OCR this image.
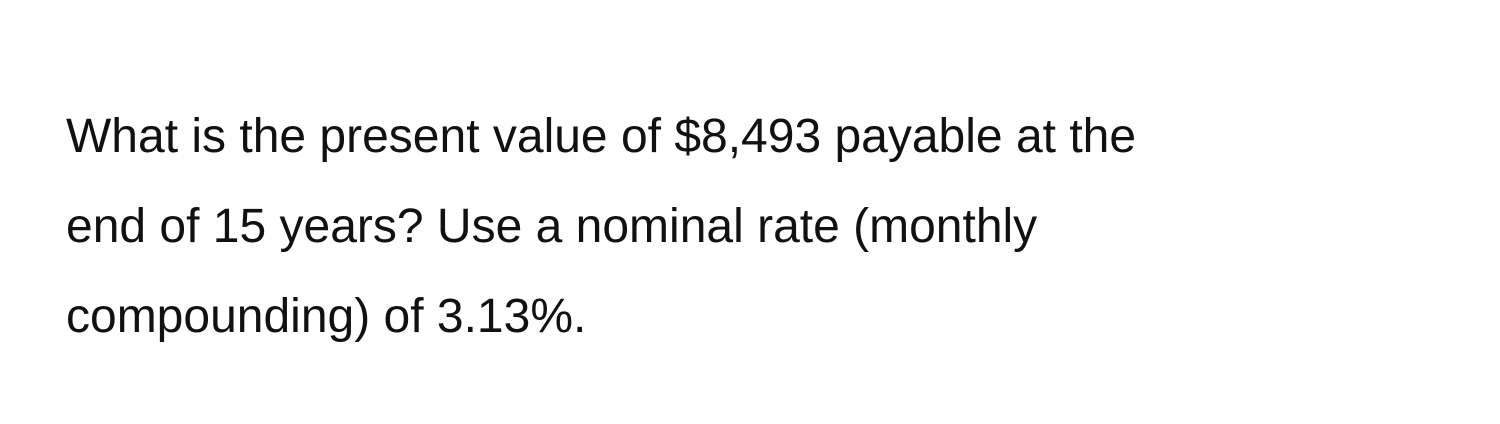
What is the present value of $8,493 payable at the
end of 15 years? Use a nominal rate (monthly
compounding) of 3.13%.
